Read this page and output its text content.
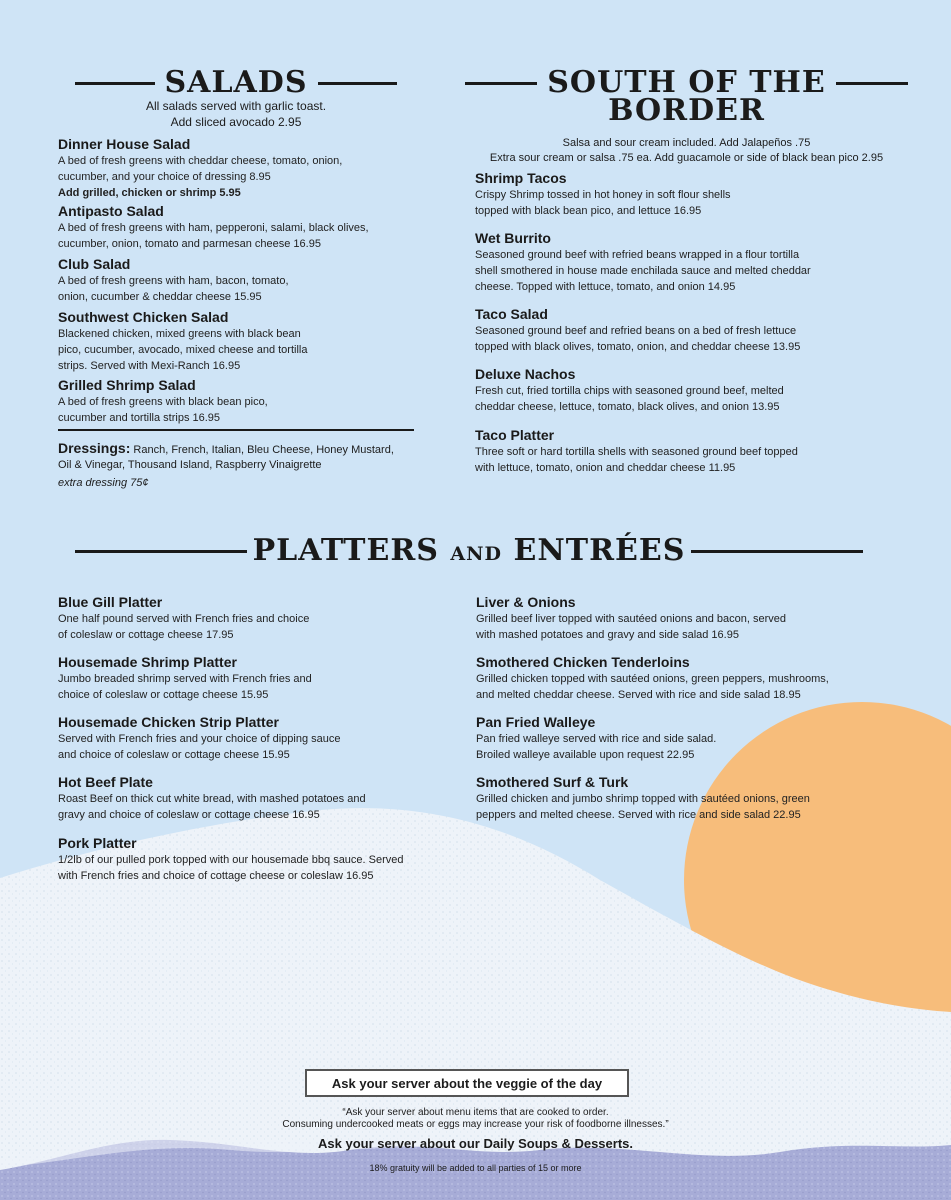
SALADS
All salads served with garlic toast.
Add sliced avocado 2.95
Dinner House Salad
A bed of fresh greens with cheddar cheese, tomato, onion,
cucumber, and your choice of dressing 8.95
Add grilled, chicken or shrimp 5.95
Antipasto Salad
A bed of fresh greens with ham, pepperoni, salami, black olives,
cucumber, onion, tomato and parmesan cheese 16.95
Club Salad
A bed of fresh greens with ham, bacon, tomato,
onion, cucumber & cheddar cheese 15.95
Southwest Chicken Salad
Blackened chicken, mixed greens with black bean
pico, cucumber, avocado, mixed cheese and tortilla
strips. Served with Mexi-Ranch 16.95
Grilled Shrimp Salad
A bed of fresh greens with black bean pico,
cucumber and tortilla strips 16.95
Dressings: Ranch, French, Italian, Bleu Cheese, Honey Mustard, Oil & Vinegar, Thousand Island, Raspberry Vinaigrette
extra dressing 75¢
SOUTH OF THE
BORDER
Salsa and sour cream included. Add Jalapeños .75
Extra sour cream or salsa .75 ea. Add guacamole or side of black bean pico 2.95
Shrimp Tacos
Crispy Shrimp tossed in hot honey in soft flour shells
topped with black bean pico, and lettuce 16.95
Wet Burrito
Seasoned ground beef with refried beans wrapped in a flour tortilla
shell smothered in house made enchilada sauce and melted cheddar
cheese. Topped with lettuce, tomato, and onion 14.95
Taco Salad
Seasoned ground beef and refried beans on a bed of fresh lettuce
topped with black olives, tomato, onion, and cheddar cheese 13.95
Deluxe Nachos
Fresh cut, fried tortilla chips with seasoned ground beef, melted
cheddar cheese, lettuce, tomato, black olives, and onion 13.95
Taco Platter
Three soft or hard tortilla shells with seasoned ground beef topped
with lettuce, tomato, onion and cheddar cheese 11.95
PLATTERS AND ENTRÉES
Blue Gill Platter
One half pound served with French fries and choice
of coleslaw or cottage cheese 17.95
Housemade Shrimp Platter
Jumbo breaded shrimp served with French fries and
choice of coleslaw or cottage cheese 15.95
Housemade Chicken Strip Platter
Served with French fries and your choice of dipping sauce
and choice of coleslaw or cottage cheese 15.95
Hot Beef Plate
Roast Beef on thick cut white bread, with mashed potatoes and
gravy and choice of coleslaw or cottage cheese 16.95
Pork Platter
1/2lb of our pulled pork topped with our housemade bbq sauce. Served
with French fries and choice of cottage cheese or coleslaw 16.95
Liver & Onions
Grilled beef liver topped with sautéed onions and bacon, served
with mashed potatoes and gravy and side salad 16.95
Smothered Chicken Tenderloins
Grilled chicken topped with sautéed onions, green peppers, mushrooms,
and melted cheddar cheese. Served with rice and side salad 18.95
Pan Fried Walleye
Pan fried walleye served with rice and side salad.
Broiled walleye available upon request 22.95
Smothered Surf & Turk
Grilled chicken and jumbo shrimp topped with sautéed onions, green
peppers and melted cheese. Served with rice and side salad 22.95
Ask your server about the veggie of the day
“Ask your server about menu items that are cooked to order.
Consuming undercooked meats or eggs may increase your risk of foodborne illnesses.”
Ask your server about our Daily Soups & Desserts.
18% gratuity will be added to all parties of 15 or more
